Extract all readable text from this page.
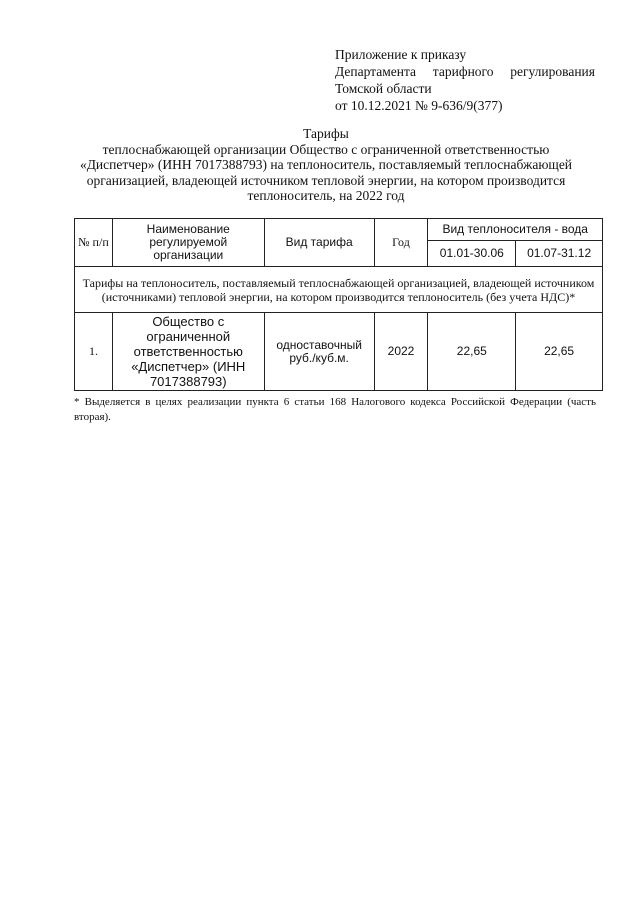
Приложение к приказу
Департамента тарифного регулирования
Томской области
от 10.12.2021 № 9-636/9(377)
Тарифы
теплоснабжающей организации Общество с ограниченной ответственностью «Диспетчер» (ИНН 7017388793) на теплоноситель, поставляемый теплоснабжающей организацией, владеющей источником тепловой энергии, на котором производится теплоноситель, на 2022 год
№ п/п	Наименование регулируемой организации	Вид тарифа	Год	Вид теплоносителя - вода	
				01.01-30.06	01.07-31.12
Тарифы на теплоноситель, поставляемый теплоснабжающей организацией, владеющей источником (источниками) тепловой энергии, на котором производится теплоноситель (без учета НДС)*					
1.	Общество с ограниченной ответственностью «Диспетчер» (ИНН 7017388793)	одноставочный руб./куб.м.	2022	22,65	22,65
* Выделяется в целях реализации пункта 6 статьи 168 Налогового кодекса Российской Федерации (часть вторая).
